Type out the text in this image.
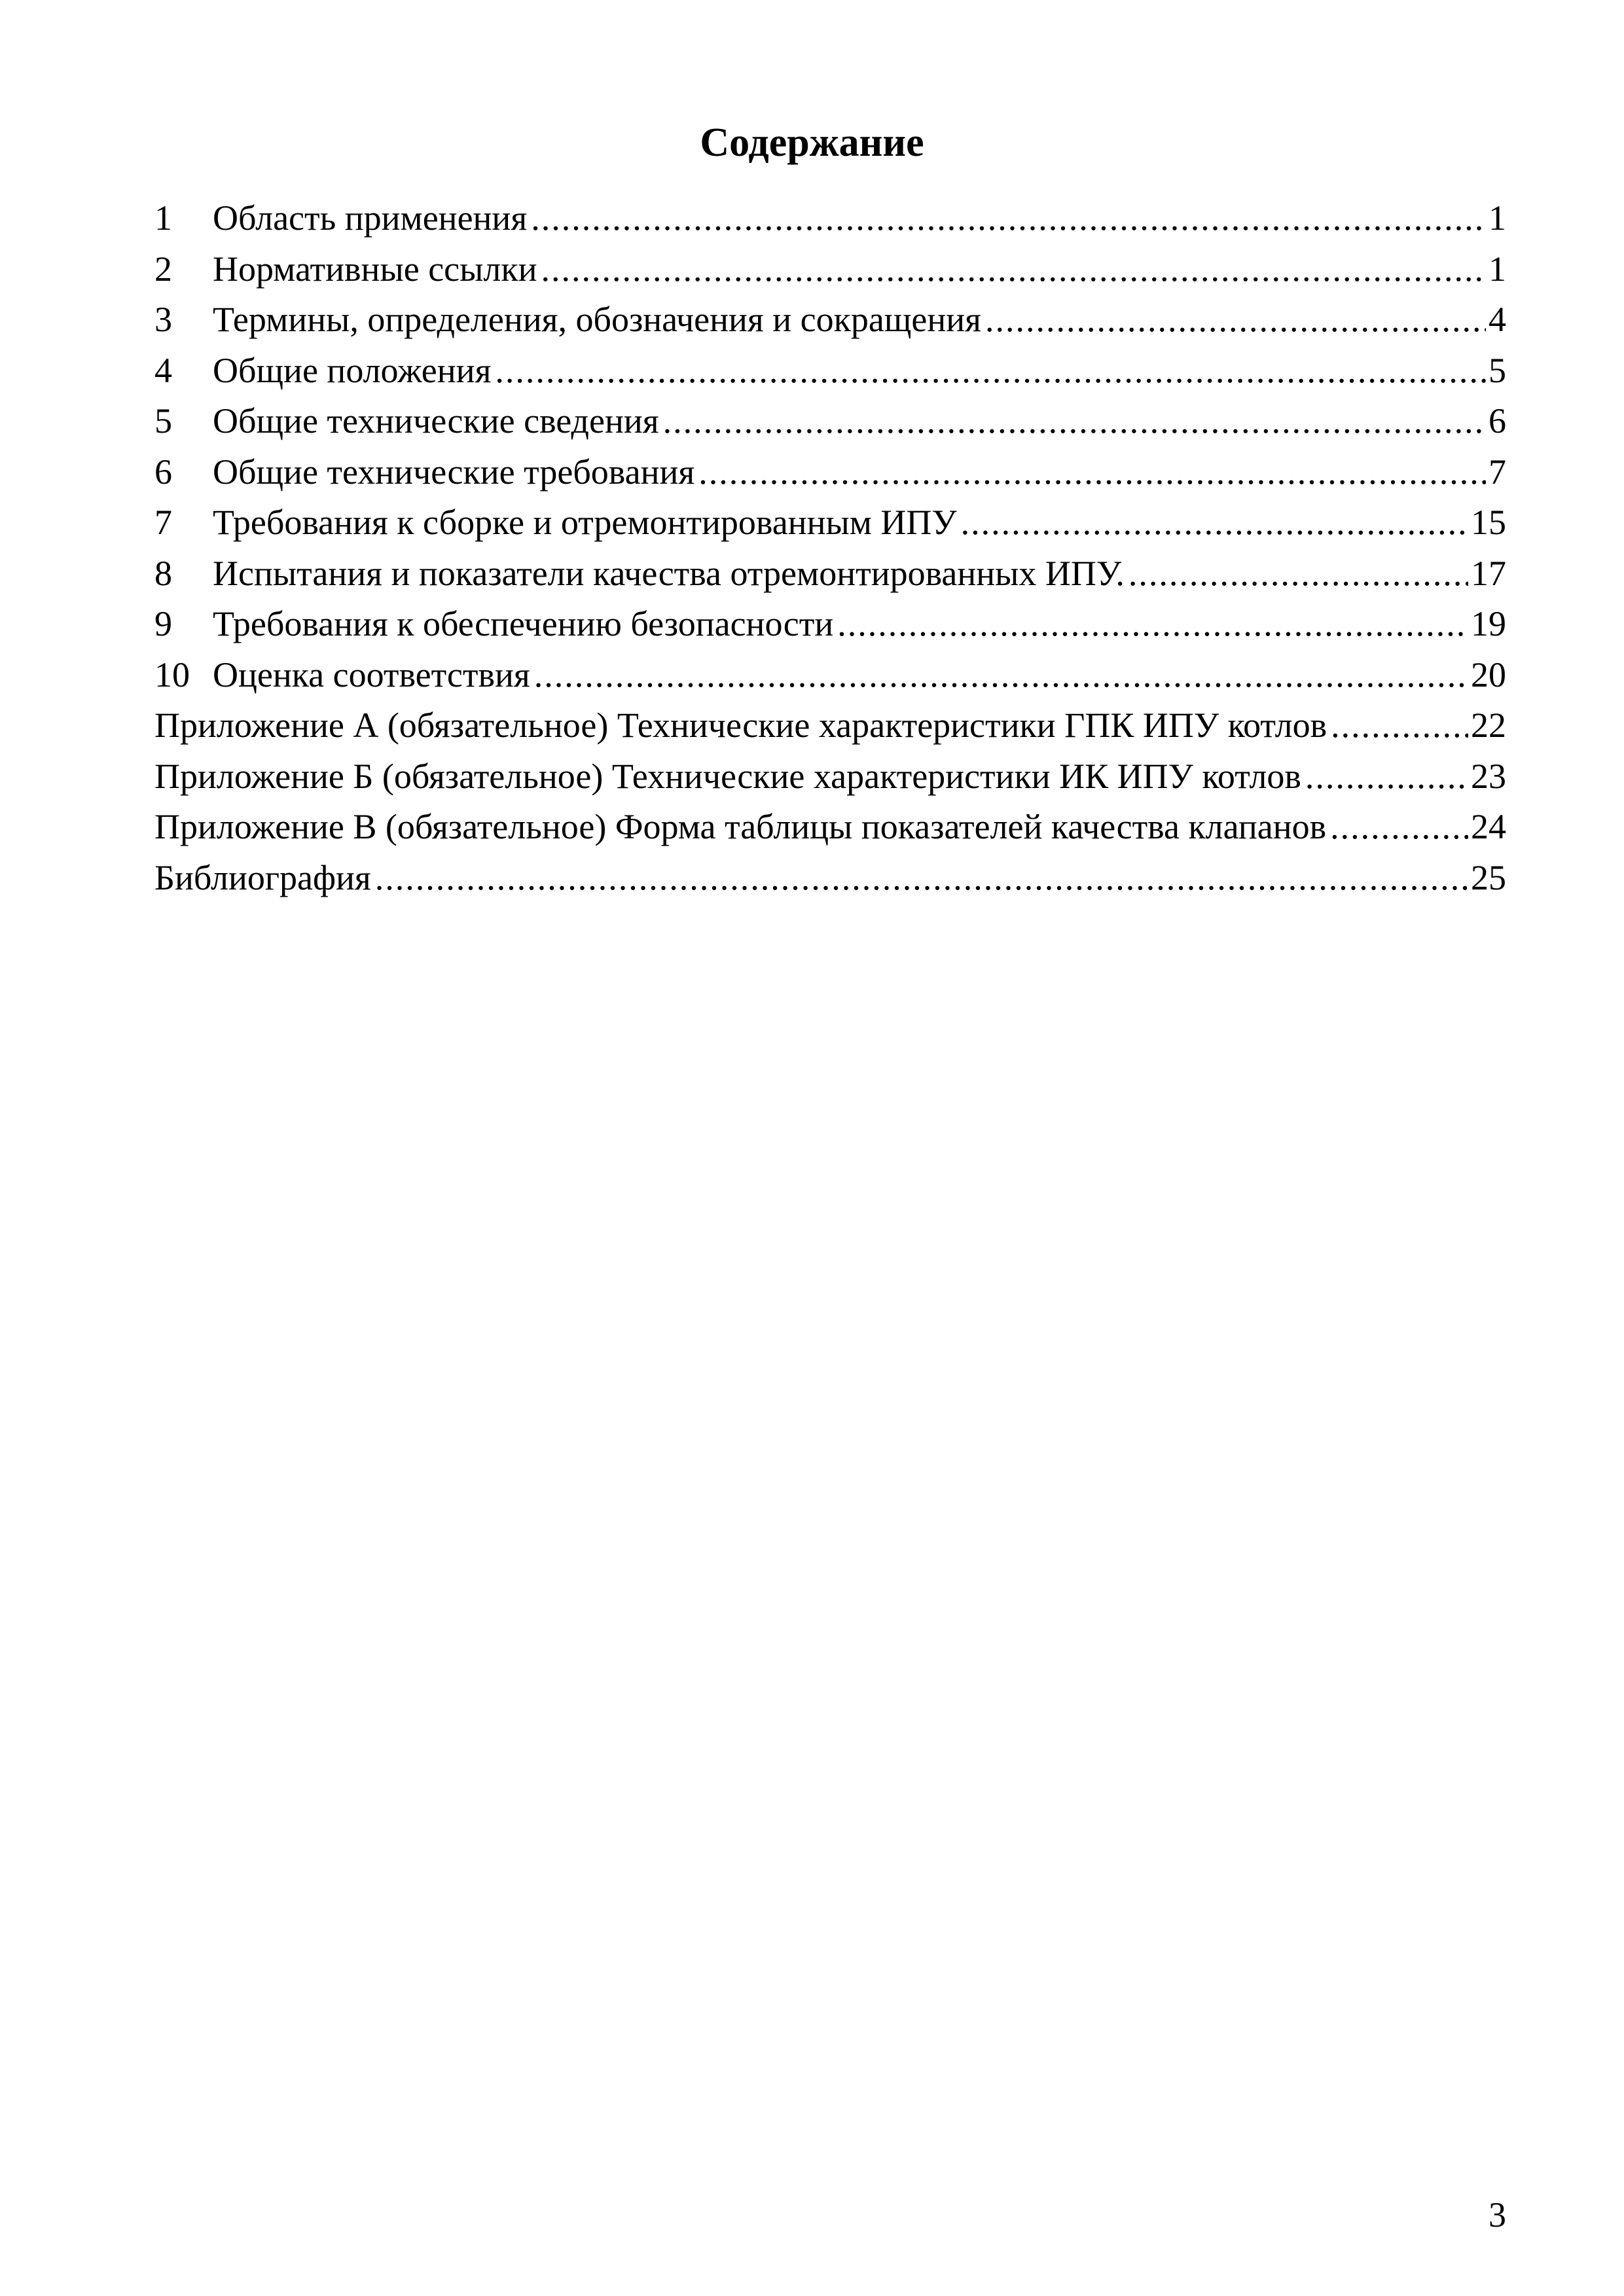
Содержание
1	Область применения .....	1
2	Нормативные ссылки .....	1
3	Термины, определения, обозначения и сокращения .....	4
4	Общие положения .....	5
5	Общие технические сведения .....	6
6	Общие технические требования .....	7
7	Требования к сборке и отремонтированным ИПУ .....	15
8	Испытания и показатели качества отремонтированных ИПУ. .....	17
9	Требования к обеспечению безопасности .....	19
10 Оценка соответствия .....	20
Приложение А (обязательное) Технические характеристики ГПК ИПУ котлов .....	22
Приложение Б (обязательное) Технические характеристики ИК ИПУ котлов .....	23
Приложение В (обязательное) Форма таблицы показателей качества клапанов .....	24
Библиография .....	25
3
